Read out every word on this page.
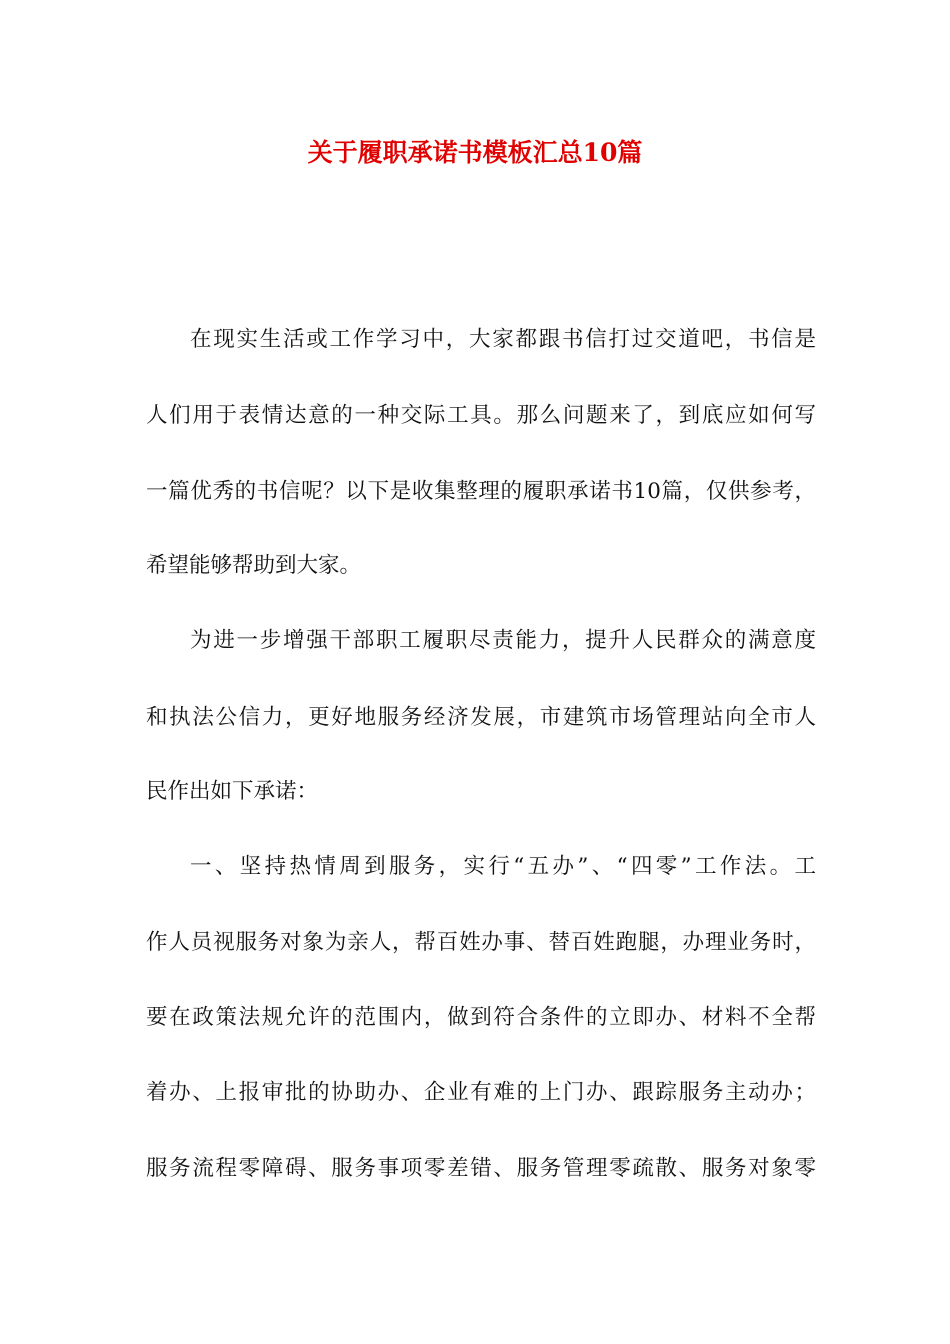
关于履职承诺书模板汇总10篇

在现实生活或工作学习中，大家都跟书信打过交道吧，书信是

人们用于表情达意的一种交际工具。那么问题来了，到底应如何写

一篇优秀的书信呢？以下是收集整理的履职承诺书10篇，仅供参考，

希望能够帮助到大家。

为进一步增强干部职工履职尽责能力，提升人民群众的满意度

和执法公信力，更好地服务经济发展，市建筑市场管理站向全市人

民作出如下承诺：

一、坚持热情周到服务，实行“五办”、“四零”工作法。工

作人员视服务对象为亲人，帮百姓办事、替百姓跑腿，办理业务时，

要在政策法规允许的范围内，做到符合条件的立即办、材料不全帮

着办、上报审批的协助办、企业有难的上门办、跟踪服务主动办；

服务流程零障碍、服务事项零差错、服务管理零疏散、服务对象零
